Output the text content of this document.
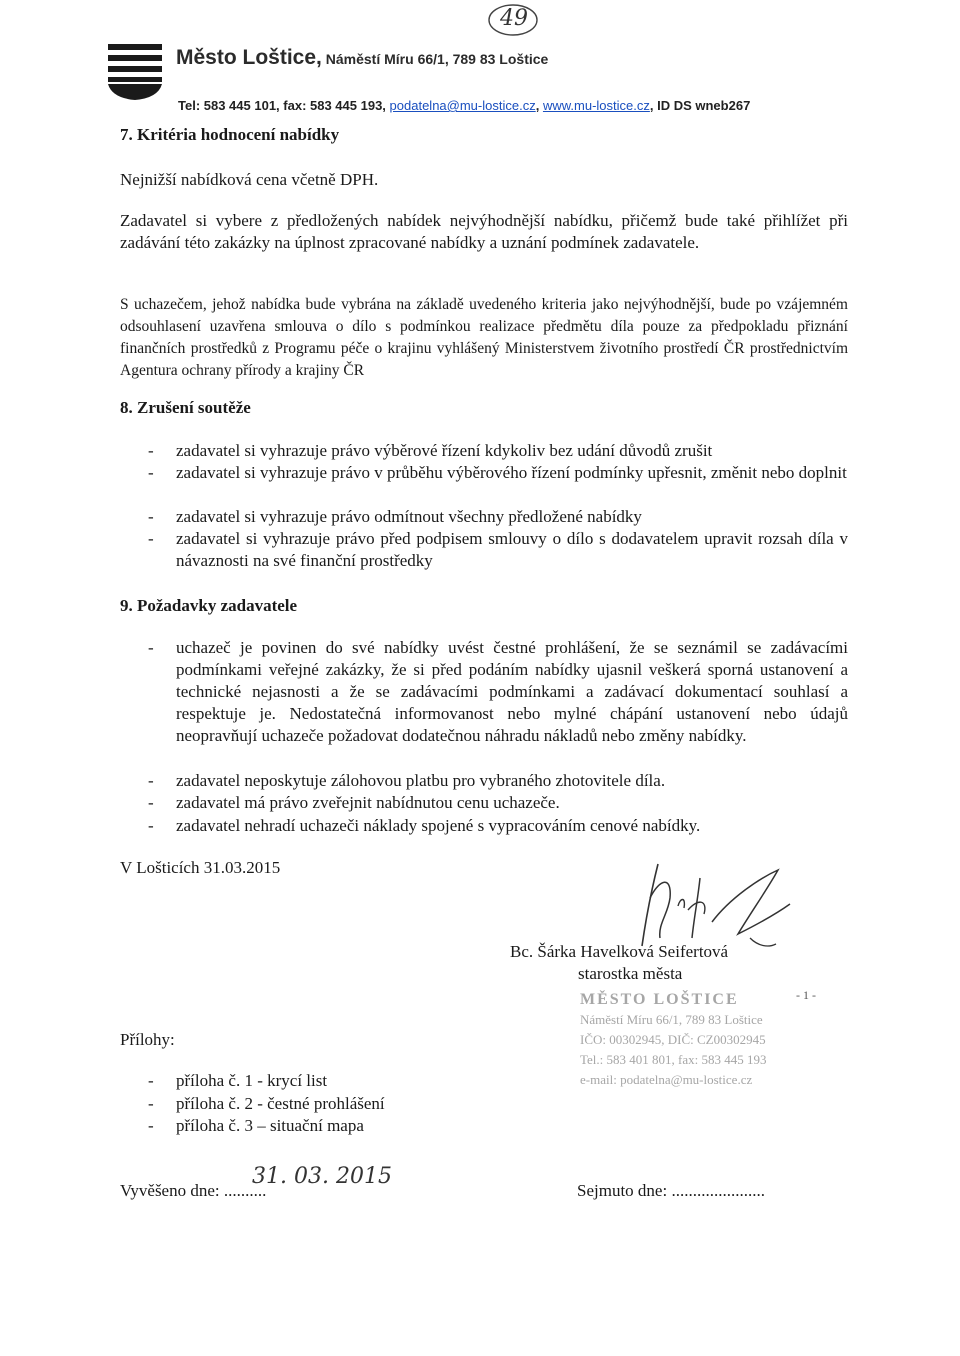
49
Město Loštice, Náměstí Míru 66/1, 789 83 Loštice
Tel: 583 445 101, fax: 583 445 193, podatelna@mu-lostice.cz, www.mu-lostice.cz, ID DS wneb267
7. Kritéria hodnocení nabídky
Nejnižší nabídková cena včetně DPH.
Zadavatel si vybere z předložených nabídek nejvýhodnější nabídku, přičemž bude také přihlížet při zadávání této zakázky na úplnost zpracované nabídky a uznání podmínek zadavatele.
S uchazečem, jehož nabídka bude vybrána na základě uvedeného kriteria jako nejvýhodnější, bude po vzájemném odsouhlasení uzavřena smlouva o dílo s podmínkou realizace předmětu díla pouze za předpokladu přiznání finančních prostředků z Programu péče o krajinu vyhlášený Ministerstvem životního prostředí ČR prostřednictvím Agentura ochrany přírody a krajiny ČR
8. Zrušení soutěže
- zadavatel si vyhrazuje právo výběrové řízení kdykoliv bez udání důvodů zrušit
- zadavatel si vyhrazuje právo v průběhu výběrového řízení podmínky upřesnit, změnit nebo doplnit
- zadavatel si vyhrazuje právo odmítnout všechny předložené nabídky
- zadavatel si vyhrazuje právo před podpisem smlouvy o dílo s dodavatelem upravit rozsah díla v návaznosti na své finanční prostředky
9. Požadavky zadavatele
- uchazeč je povinen do své nabídky uvést čestné prohlášení, že se seznámil se zadávacími podmínkami veřejné zakázky, že si před podáním nabídky ujasnil veškerá sporná ustanovení a technické nejasnosti a že se zadávacími podmínkami a zadávací dokumentací souhlasí a respektuje je. Nedostatečná informovanost nebo mylné chápání ustanovení nebo údajů neopravňují uchazeče požadovat dodatečnou náhradu nákladů nebo změny nabídky.
- zadavatel neposkytuje zálohovou platbu pro vybraného zhotovitele díla.
- zadavatel má právo zveřejnit nabídnutou cenu uchazeče.
- zadavatel nehradí uchazeči náklady spojené s vypracováním cenové nabídky.
V Lošticích 31.03.2015
Bc. Šárka Havelková Seifertová
starostka města
MĚSTO LOŠTICE
Náměstí Míru 66/1, 789 83 Loštice
IČO: 00302945, DIČ: CZ00302945
Tel.: 583 401 801, fax: 583 445 193
e-mail: podatelna@mu-lostice.cz
- 1 -
Přílohy:
- příloha č. 1 - krycí list
- příloha č. 2 - čestné prohlášení
- příloha č. 3 – situační mapa
Vyvěšeno dne: ..........
31. 03. 2015
Sejmuto dne: ......................
